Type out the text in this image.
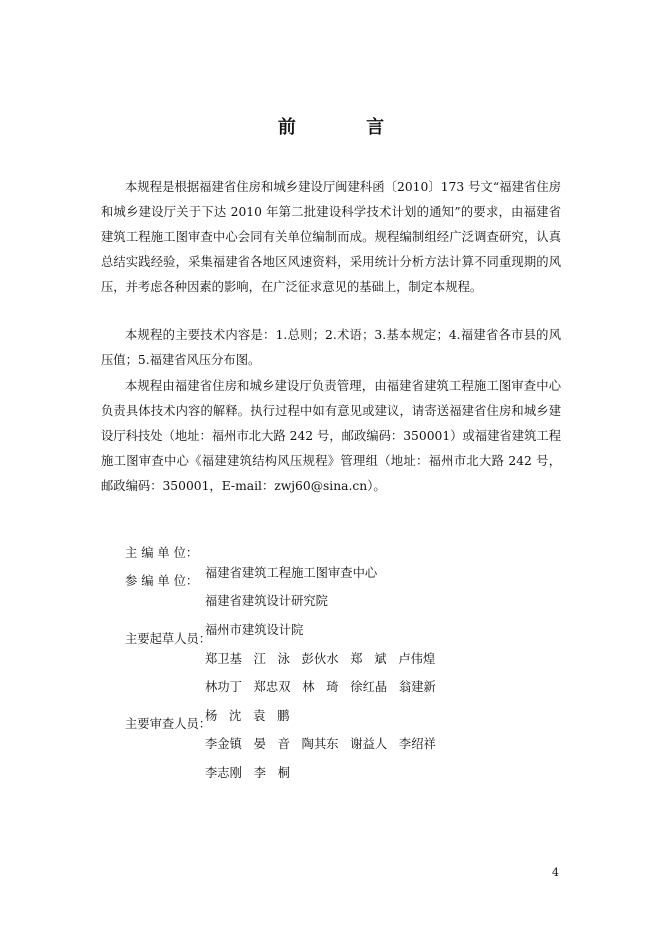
前 言

本规程是根据福建省住房和城乡建设厅闽建科函〔2010〕173 号文“福建省住房和城乡建设厅关于下达 2010 年第二批建设科学技术计划的通知”的要求，由福建省建筑工程施工图审查中心会同有关单位编制而成。规程编制组经广泛调查研究，认真总结实践经验，采集福建省各地区风速资料，采用统计分析方法计算不同重现期的风压，并考虑各种因素的影响，在广泛征求意见的基础上，制定本规程。

本规程的主要技术内容是：1.总则；2.术语；3.基本规定；4.福建省各市县的风压值；5.福建省风压分布图。

本规程由福建省住房和城乡建设厅负责管理，由福建省建筑工程施工图审查中心负责具体技术内容的解释。执行过程中如有意见或建议，请寄送福建省住房和城乡建设厅科技处（地址：福州市北大路 242 号，邮政编码：350001）或福建省建筑工程施工图审查中心《福建建筑结构风压规程》管理组（地址：福州市北大路 242 号，邮政编码：350001，E-mail：zwj60@sina.cn）。

主 编 单 位：

福建省建筑工程施工图审查中心

参 编 单 位：

福建省建筑设计研究院

福州市建筑设计院

主要起草人员：

郑卫基   江   泳   彭伙水   郑   斌   卢伟煌

林功丁   郑忠双   林   琦   徐红晶   翁建新

杨   沈   袁   鹏

主要审查人员：

李金镇   晏   音   陶其东   谢益人   李绍祥

李志刚   李   桐

4
